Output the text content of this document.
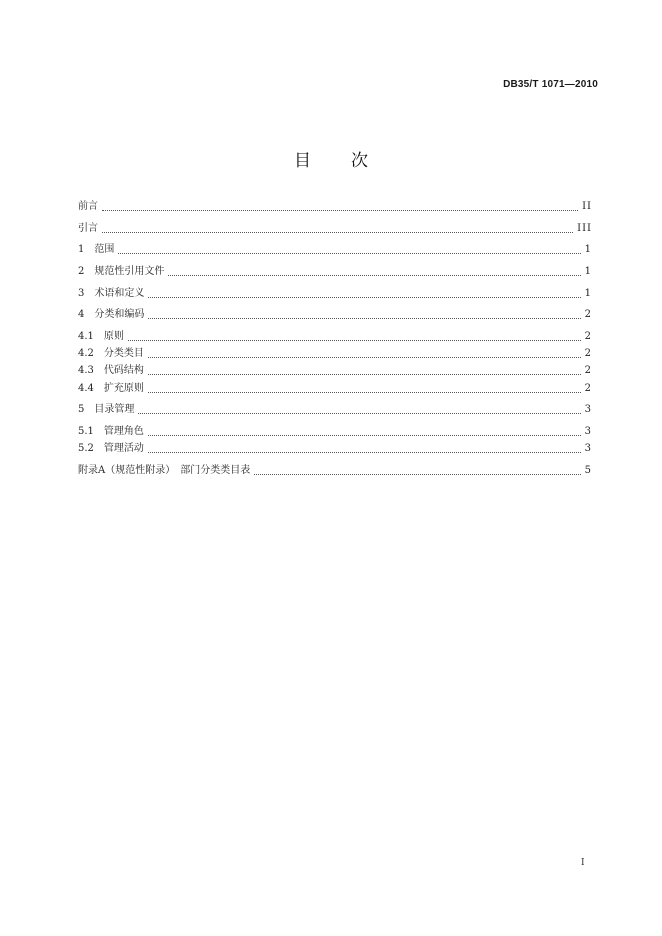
DB35/T 1071—2010
目 次
前言	II
引言	III
1 范围	1
2 规范性引用文件	1
3 术语和定义	1
4 分类和编码	2
4.1 原则	2
4.2 分类类目	2
4.3 代码结构	2
4.4 扩充原则	2
5 目录管理	3
5.1 管理角色	3
5.2 管理活动	3
附录A（规范性附录）　部门分类类目表	5
I
